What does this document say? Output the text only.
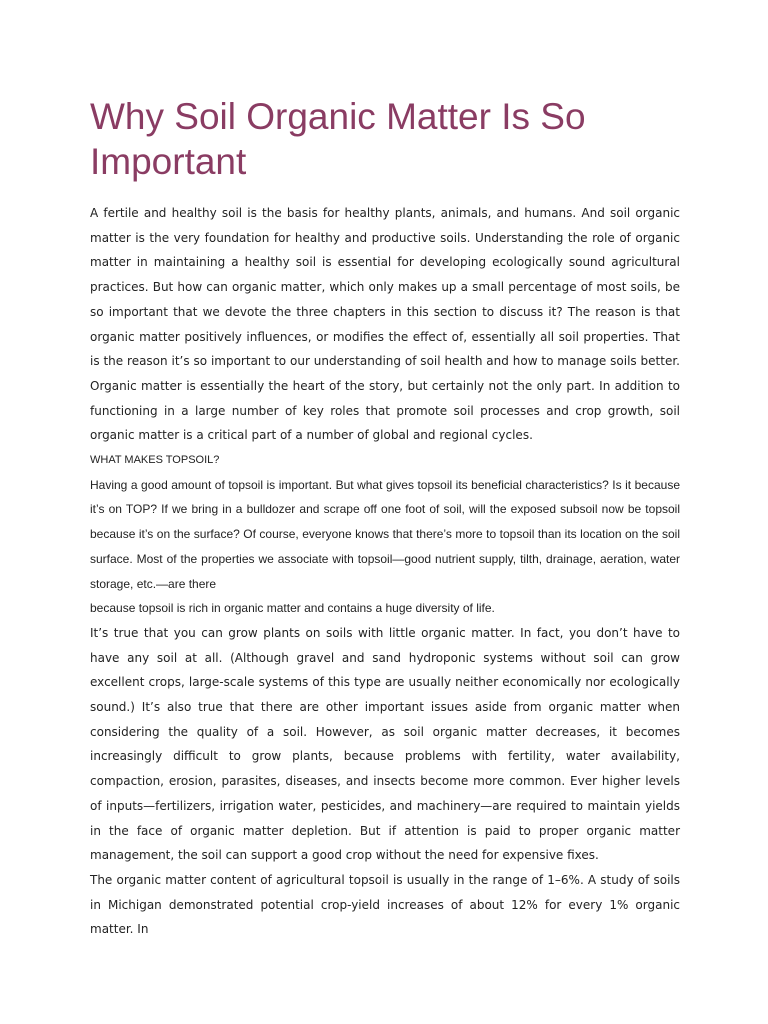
Why Soil Organic Matter Is So Important

A fertile and healthy soil is the basis for healthy plants, animals, and humans. And soil organic matter is the very foundation for healthy and productive soils. Understanding the role of organic matter in maintaining a healthy soil is essential for developing ecologically sound agricultural practices. But how can organic matter, which only makes up a small percentage of most soils, be so important that we devote the three chapters in this section to discuss it? The reason is that organic matter positively influences, or modifies the effect of, essentially all soil properties. That is the reason it’s so important to our understanding of soil health and how to manage soils better. Organic matter is essentially the heart of the story, but certainly not the only part. In addition to functioning in a large number of key roles that promote soil processes and crop growth, soil organic matter is a critical part of a number of global and regional cycles.

WHAT MAKES TOPSOIL?

Having a good amount of topsoil is important. But what gives topsoil its beneficial characteristics? Is it because it’s on TOP? If we bring in a bulldozer and scrape off one foot of soil, will the exposed subsoil now be topsoil because it’s on the surface? Of course, everyone knows that there’s more to topsoil than its location on the soil surface. Most of the properties we associate with topsoil—good nutrient supply, tilth, drainage, aeration, water storage, etc.—are there

because topsoil is rich in organic matter and contains a huge diversity of life.

It’s true that you can grow plants on soils with little organic matter. In fact, you don’t have to have any soil at all. (Although gravel and sand hydroponic systems without soil can grow excellent crops, large-scale systems of this type are usually neither economically nor ecologically sound.) It’s also true that there are other important issues aside from organic matter when considering the quality of a soil. However, as soil organic matter decreases, it becomes increasingly difficult to grow plants, because problems with fertility, water availability, compaction, erosion, parasites, diseases, and insects become more common. Ever higher levels of inputs—fertilizers, irrigation water, pesticides, and machinery—are required to maintain yields in the face of organic matter depletion. But if attention is paid to proper organic matter management, the soil can support a good crop without the need for expensive fixes.

The organic matter content of agricultural topsoil is usually in the range of 1–6%. A study of soils in Michigan demonstrated potential crop-yield increases of about 12% for every 1% organic matter. In
